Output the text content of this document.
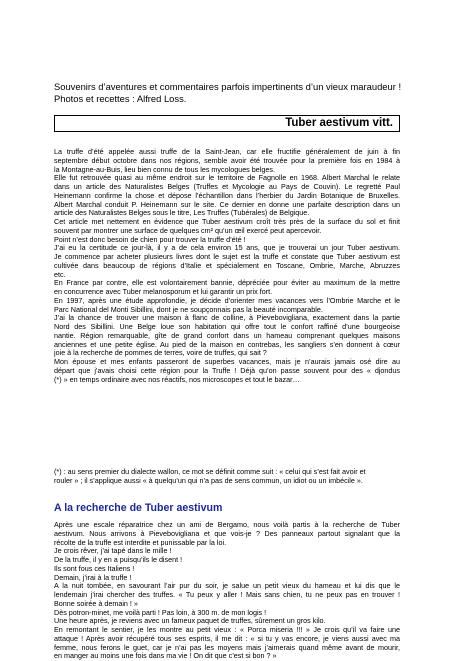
Souvenirs d’aventures et commentaires parfois impertinents d’un vieux maraudeur !
Photos et recettes : Alfred Loss.
Tuber aestivum vitt.
La truffe d’été appelée aussi truffe de la Saint-Jean, car elle fructifie généralement de juin à fin
septembre début octobre dans nos régions, semble avoir été trouvée pour la première fois en 1984 à
la Montagne-au-Buis, lieu bien connu de tous les mycologues belges.
Elle fut retrouvée quasi au même endroit sur le territoire de Fagnolle en 1968. Albert Marchal le relate
dans un article des Naturalistes Belges (Truffes et Mycologie au Pays de Couvin). Le regretté Paul
Heinemann confirme la chose et dépose l’échantillon dans l’herbier du Jardin Botanique de Bruxelles.
Albert Marchal conduit P. Heinemann sur le site. Ce dernier en donne une parfaite description dans un
article des Naturalistes Belges sous le titre, Les Truffes (Tubérales) de Belgique.
Cet article met nettement en évidence que Tuber aestivum croît très près de la surface du sol et finit
souvent par montrer une surface de quelques cm² qu’un œil exercé peut apercevoir.
Point n’est donc besoin de chien pour trouver la truffe d’été !
J’ai eu la certitude ce jour-là, il y a de cela environ 15 ans, que je trouverai un jour Tuber aestivum.
Je commence par acheter plusieurs livres dont le sujet est la truffe et constate que Tuber aestivum est
cultivée dans beaucoup de régions d’Italie et spécialement en Toscane, Ombrie, Marche, Abruzzes
etc.
En France par contre, elle est volontairement bannie, dépréciée pour éviter au maximum de la mettre
en concurrence avec Tuber melanosporum et lui garantir un prix fort.
En 1997, après une étude approfondie, je décide d’orienter mes vacances vers l’Ombrie Marche et le
Parc National del Monti Sibillini, dont je ne soupçonnais pas la beauté incomparable.
J’ai la chance de trouver une maison à flanc de colline, à Pievebovigliana, exactement dans la partie
Nord des Sibillini. Une Belge loue son habitation qui offre tout le confort raffiné d’une bourgeoise
nantie. Région remarquable, gîte de grand confort dans un hameau comprenant quelques maisons
anciennes et une petite église. Au pied de la maison en contrebas, les sangliers s’en donnent à cœur
joie à la recherche de pommes de terres, voire de truffes, qui sait ?
Mon épouse et mes enfants passeront de superbes vacances, mais je n’aurais jamais osé dire au
départ que j’avais choisi cette région pour la Truffe ! Déjà qu’on passe souvent pour des « djondus
(*) » en temps ordinaire avec nos réactifs, nos microscopes et tout le bazar…
(*) : au sens premier du dialecte wallon, ce mot se définit comme suit : « celui qui s’est fait avoir et
rouler » ; il s’applique aussi « à quelqu’un qui n’a pas de sens commun, un idiot ou un imbécile ».
A la recherche de Tuber aestivum
Après une escale réparatrice chez un ami de Bergamo, nous voilà partis à la recherche de Tuber
aestivum. Nous arrivons à Pievebovigliana et que vois-je ? Des panneaux partout signalant que la
récolte de la truffe est interdite et punissable par la loi.
Je crois rêver, j’ai tapé dans le mille !
De la truffe, il y en a puisqu’ils le disent !
Ils sont fous ces Italiens !
Demain, j’irai à la truffe !
A la nuit tombée, en savourant l’air pur du soir, je salue un petit vieux du hameau et lui dis que le
lendemain j’irai chercher des truffes. « Tu peux y aller ! Mais sans chien, tu ne peux pas en trouver !
Bonne soirée à demain ! »
Dès potron-minet, me voilà parti ! Pas loin, à 300 m. de mon logis !
Une heure après, je reviens avec un fameux paquet de truffes, sûrement un gros kilo.
En remontant le sentier, je les montre au petit vieux : « Porca miseria !!! » Je crois qu’il va faire une
attaque ! Après avoir récupéré tous ses esprits, il me dit : « si tu y vas encore, je viens aussi avec ma
femme, nous ferons le guet, car je n’ai pas les moyens mais j’aimerais quand même avant de mourir,
en manger au moins une fois dans ma vie ! On dit que c’est si bon ? »
